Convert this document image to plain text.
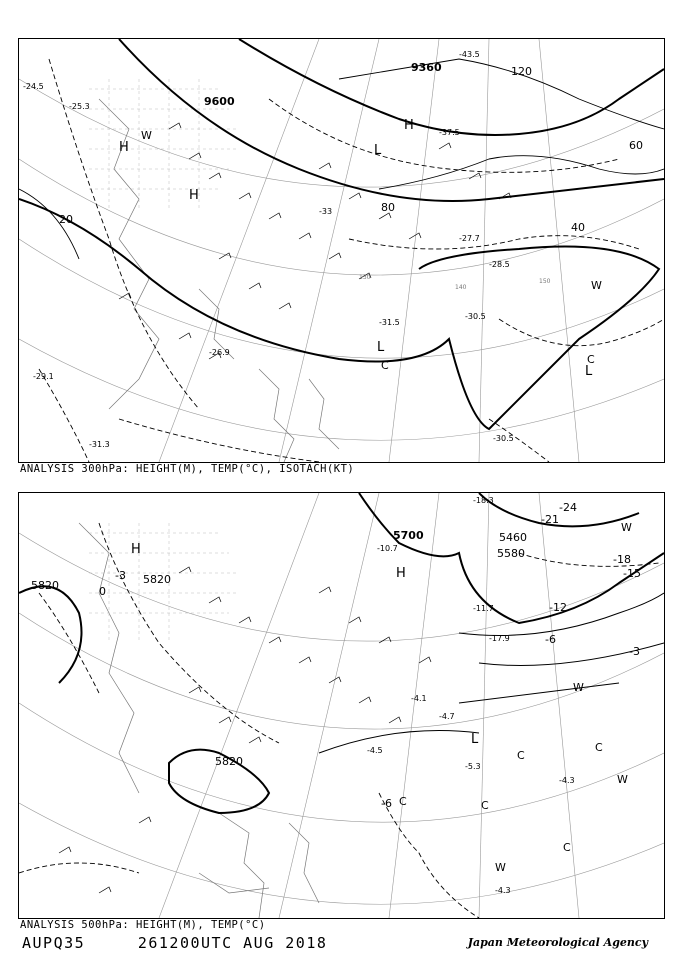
9360
9600
20
40
60
80
120
H
H
H
L
L
L
-24.5
-25.3
-26.9
-28.5
-27.7
-30.5
-31.5
-30.5
-29.1
-31.3
-33
-37.5
-43.5
W
W
C	C
140
130
150
ANALYSIS 300hPa: HEIGHT(M), TEMP(°C), ISOTACH(KT)
5460
5580
5700
5820	5820
5820
0
-3
-6
-12
-15
-18
-21
-24
-3
-6
H
H
L
-4.1
-4.7
-5.3
-4.5
-4.3
-4.3
-10.7
-11.7
-17.9
-18.3
W
W
W
C
C
C
C
C
W
ANALYSIS 500hPa: HEIGHT(M), TEMP(°C)
AUPQ35	261200UTC AUG 2018	Japan Meteorological Agency
